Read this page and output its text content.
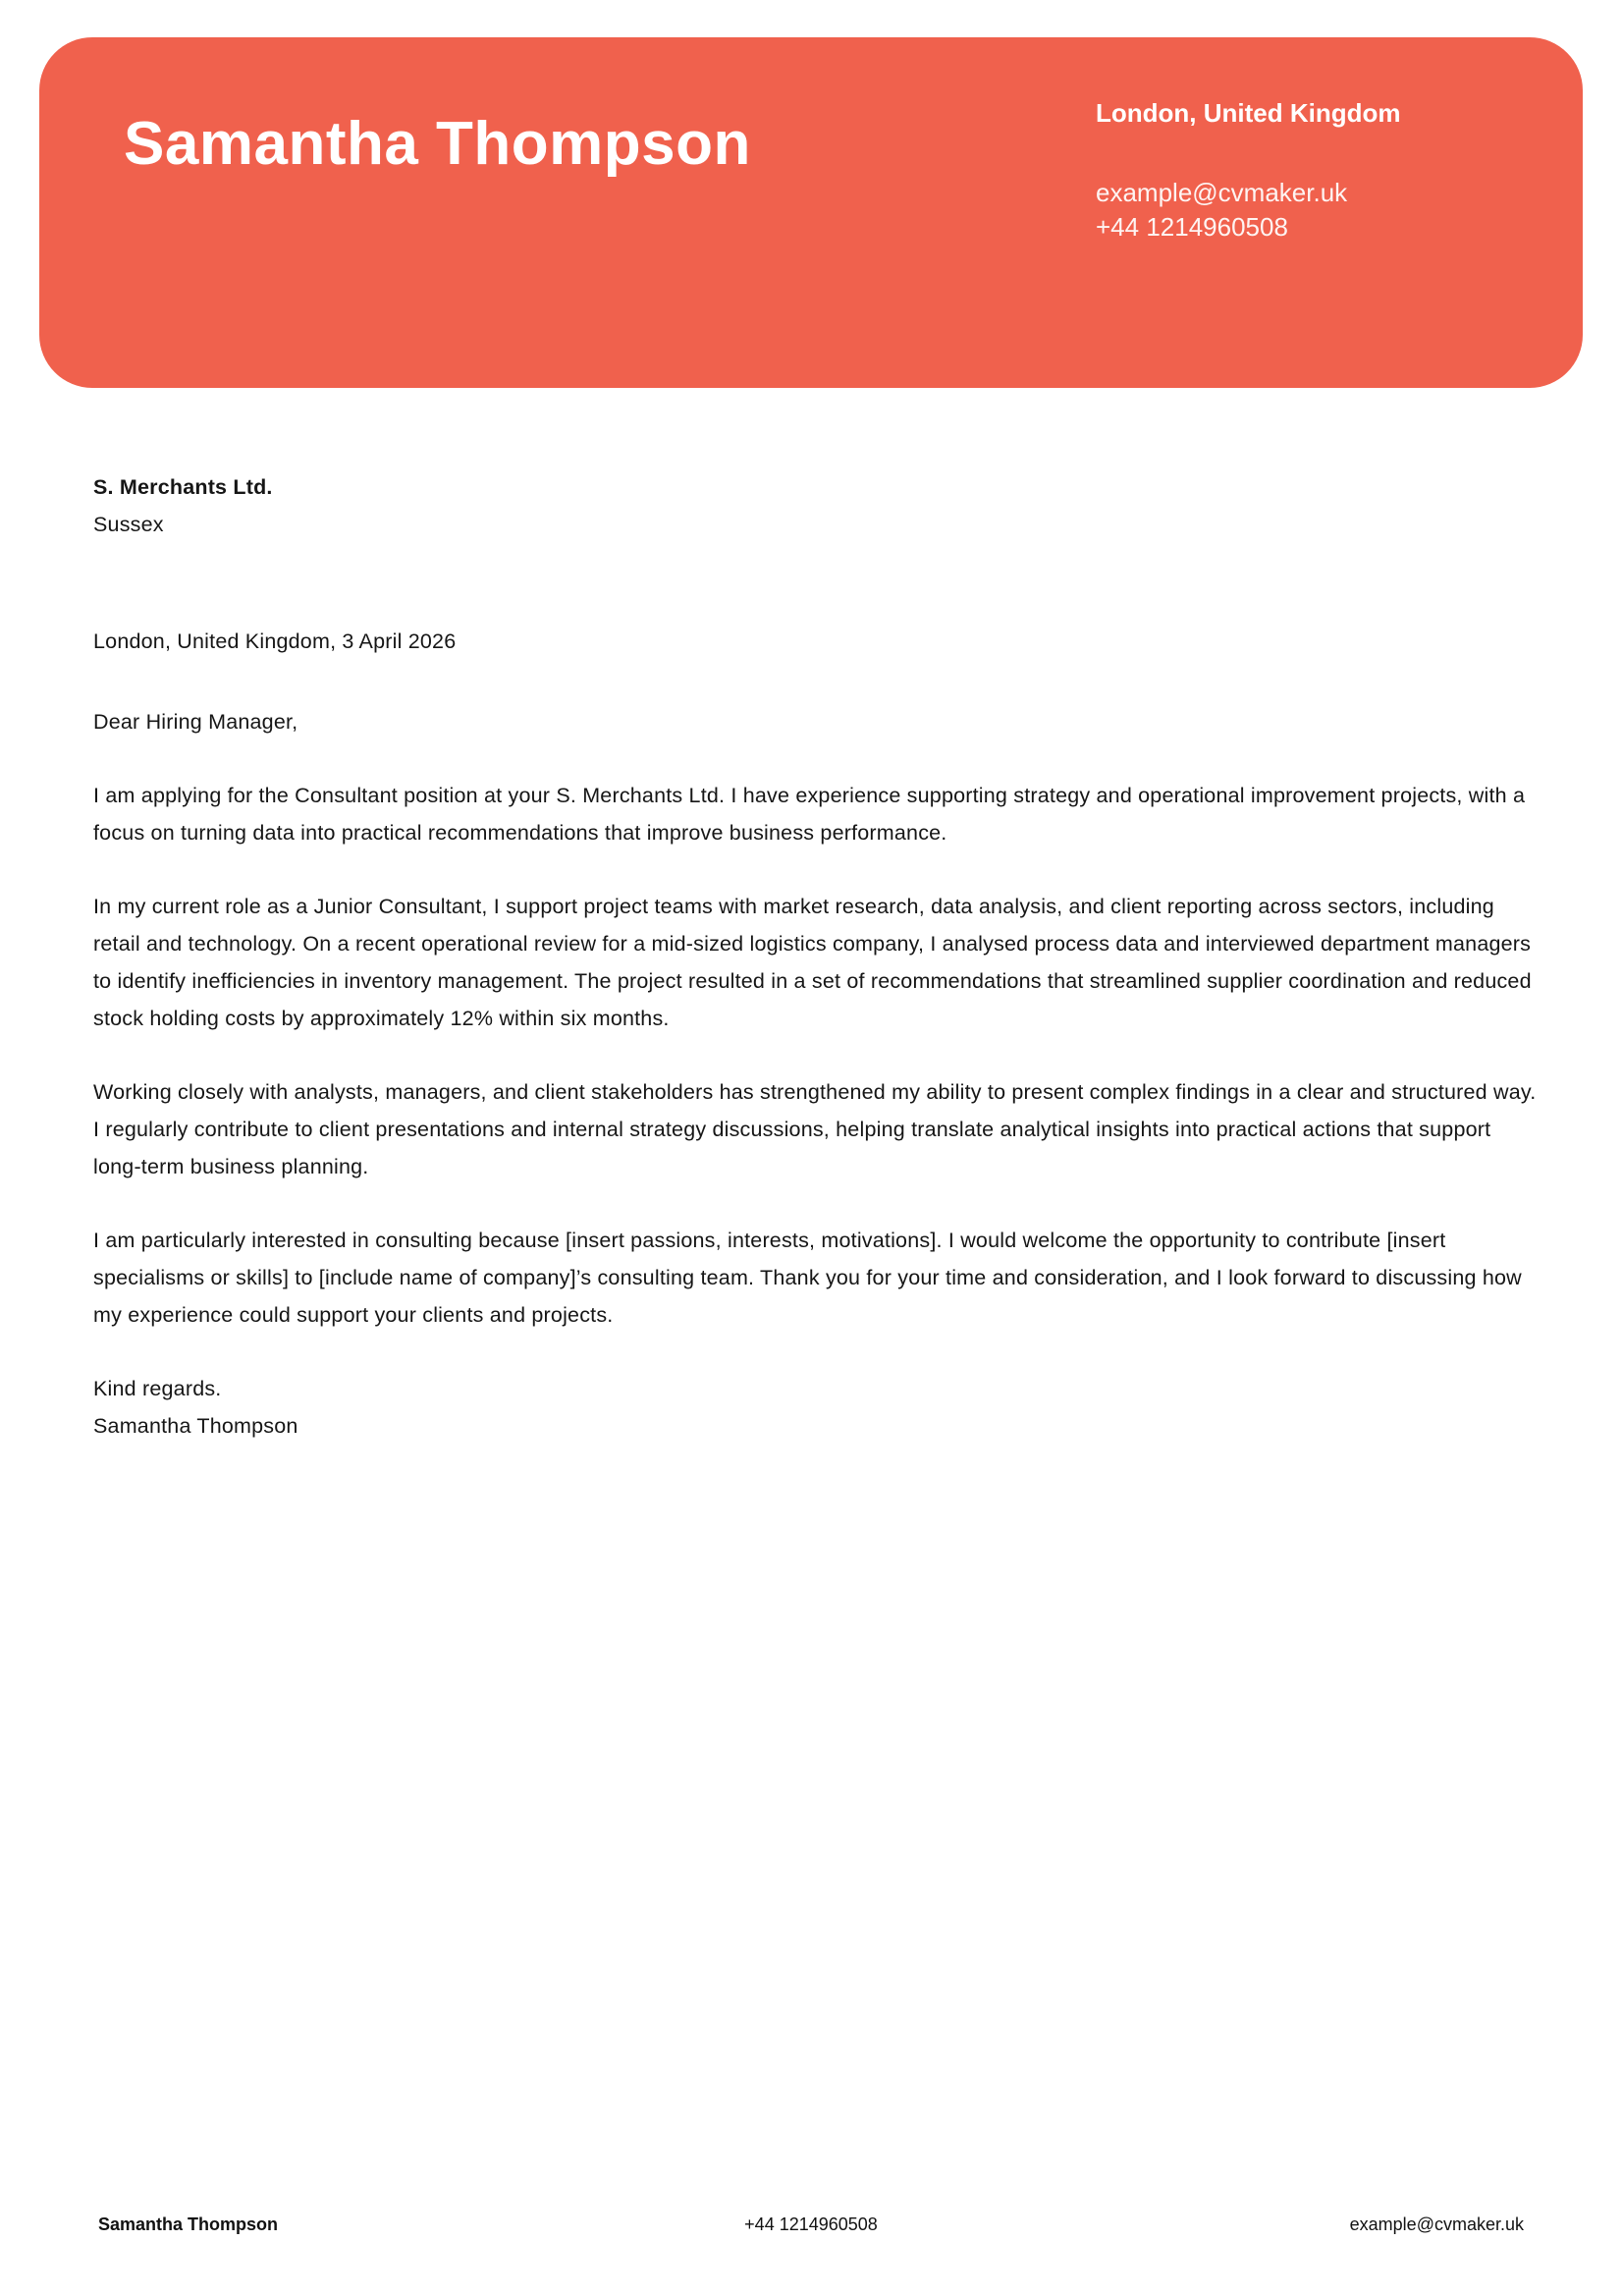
Samantha Thompson	London, United Kingdom
example@cvmaker.uk
+44 1214960508
S. Merchants Ltd.
Sussex
London, United Kingdom, 3 April 2026
Dear Hiring Manager,

I am applying for the Consultant position at your S. Merchants Ltd. I have experience supporting strategy and operational improvement projects, with a focus on turning data into practical recommendations that improve business performance.

In my current role as a Junior Consultant, I support project teams with market research, data analysis, and client reporting across sectors, including retail and technology. On a recent operational review for a mid-sized logistics company, I analysed process data and interviewed department managers to identify inefficiencies in inventory management. The project resulted in a set of recommendations that streamlined supplier coordination and reduced stock holding costs by approximately 12% within six months.

Working closely with analysts, managers, and client stakeholders has strengthened my ability to present complex findings in a clear and structured way. I regularly contribute to client presentations and internal strategy discussions, helping translate analytical insights into practical actions that support long-term business planning.

I am particularly interested in consulting because [insert passions, interests, motivations]. I would welcome the opportunity to contribute [insert specialisms or skills] to [include name of company]’s consulting team. Thank you for your time and consideration, and I look forward to discussing how my experience could support your clients and projects.

Kind regards.
Samantha Thompson
Samantha Thompson	+44 1214960508	example@cvmaker.uk
